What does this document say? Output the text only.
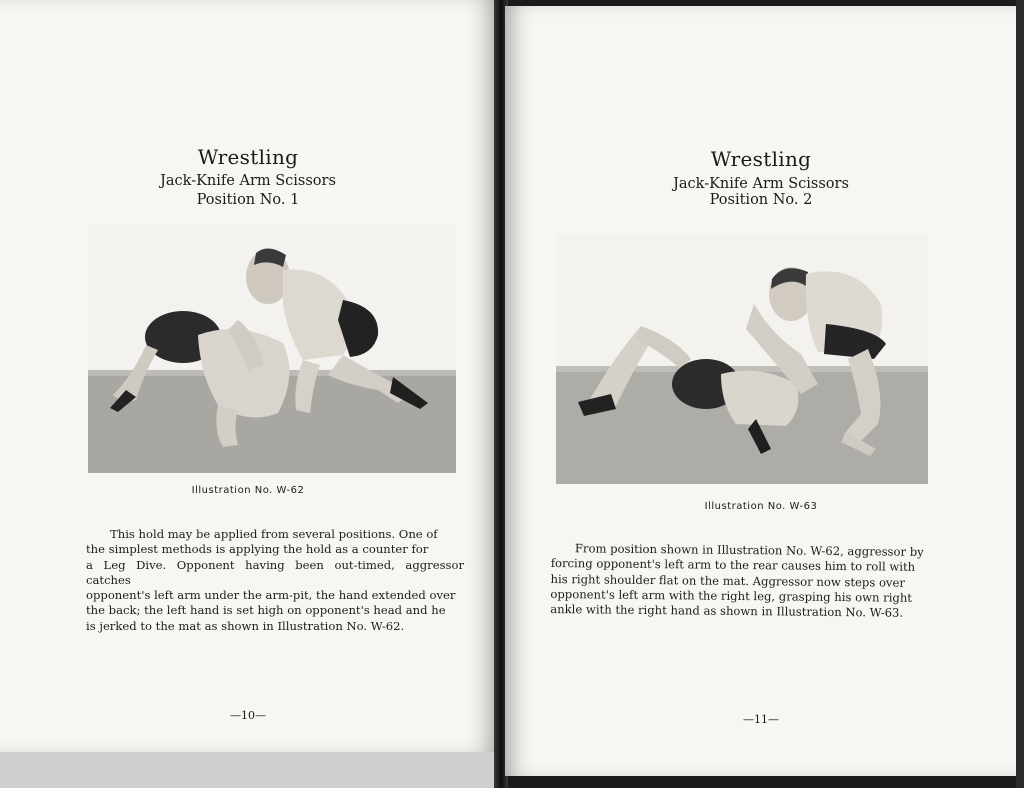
Wrestling
Jack-Knife Arm Scissors
Position No. 1
Illustration No. W-62
This hold may be applied from several positions. One of
the simplest methods is applying the hold as a counter for
a Leg Dive. Opponent having been out-timed, aggressor catches
opponent's left arm under the arm-pit, the hand extended over
the back; the left hand is set high on opponent's head and he
is jerked to the mat as shown in Illustration No. W-62.
—10—
Wrestling
Jack-Knife Arm Scissors
Position No. 2
Illustration No. W-63
From position shown in Illustration No. W-62, aggressor by
forcing opponent's left arm to the rear causes him to roll with
his right shoulder flat on the mat. Aggressor now steps over
opponent's left arm with the right leg, grasping his own right
ankle with the right hand as shown in Illustration No. W-63.
—11—
